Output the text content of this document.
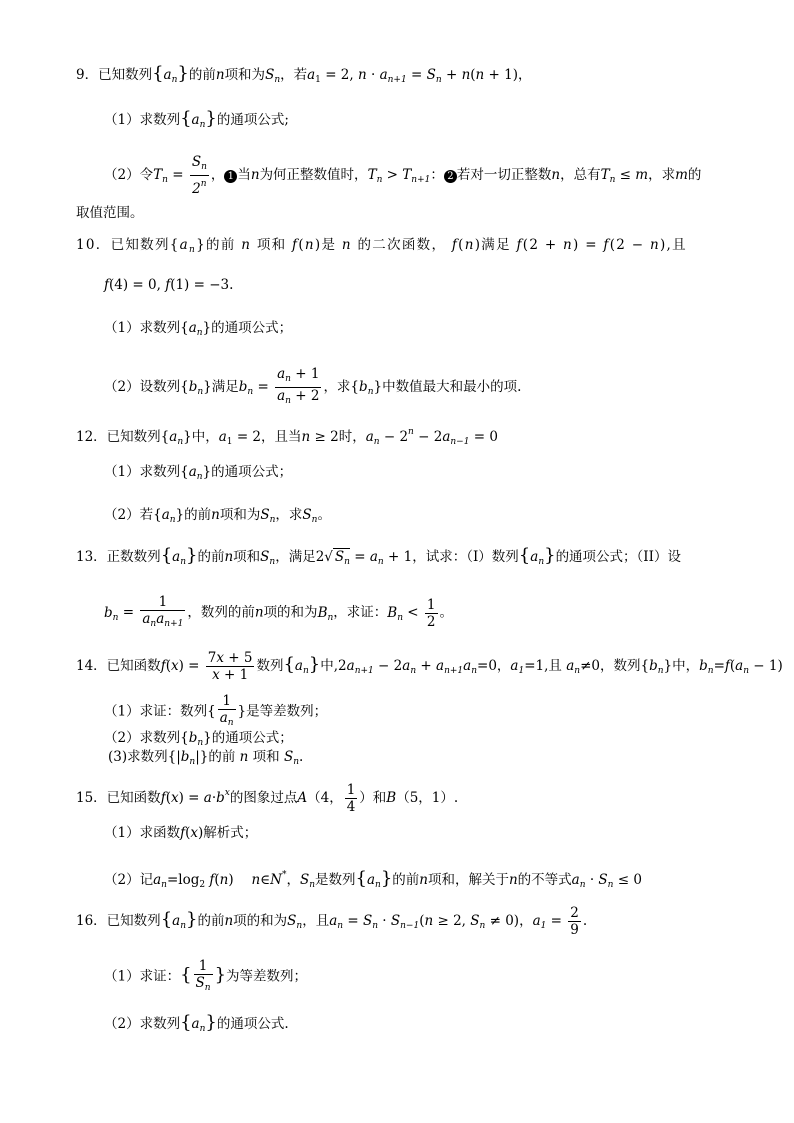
9．已知数列$\{a_n\}$的前n项和为$S_n$，若$a_1 = 2$, $n \cdot a_{n+1} = S_n + n(n + 1)$，
（1）求数列$\{a_n\}$的通项公式;
（2）令$T_n = \frac{S_n}{2^n}$ ， 1 当n为何正整数值时，$T_n > T_{n+1}$： 2 若对一切正整数n，总有$T_n \le m$，求m的
取值范围。
10．已知数列$\{a_n\}$的前 n 项和 f(n)是 n 的二次函数， f(n)满足 f(2 + n) = f(2 − n),且
f(4) = 0, f(1) = −3.
（1）求数列$\{a_n\}$的通项公式；
（2）设数列$\{b_n\}$满足$b_n = \frac{a_n + 1}{a_n + 2}$ ，求$\{b_n\}$中数值最大和最小的项.
12．已知数列$\{a_n\}$中，$a_1 = 2$，且当n ≥ 2时，$a_n - 2^n - 2a_{n-1} = 0$
（1）求数列$\{a_n\}$的通项公式；
（2）若$\{a_n\}$的前n项和为$S_n$，求$S_n$。
13．正数数列$\{a_n\}$的前n项和$S_n$，满足2√ $S_n = a_n + 1$，试求：（I）数列$\{a_n\}$的通项公式；（II）设
$b_n = \frac{1}{a_na_{n+1}}$ ，数列的前n项的和为$B_n$，求证：$B_n < \frac{1}{2}$ 。
14．已知函数$f(x) = \frac{7x + 5}{x + 1}$ 数列$\{a_n\}$中$,2a_{n+1} - 2a_n + a_{n+1}a_n=0$，$a_1=1$,且 $a_n\ne 0$，数列$\{b_n\}$中，$b_n=f(a_n - 1)$
（1）求证：数列{ $\frac{1}{a_n}$ }是等差数列；
（2）求数列$\{b_n\}$的通项公式；
(3)求数列$\{|b_n|\}$的前 n 项和 $S_n$.
15．已知函数$f(x) = a\cdot b^x$的图象过点A（4， $\frac{1}{4}$ ）和B（5，1）.
（1）求函数f(x)解析式；
（2）记$a_n=\log_2$ f(n)　 n∈N*，$S_n$是数列$\{a_n\}$的前n项和，解关于n的不等式$a_n \cdot S_n \le 0$
16．已知数列$\{a_n\}$的前n项的和为$S_n$，且$a_n = S_n \cdot S_{n-1}(n \ge 2$, $S_n \ne 0$)，$a_1 = \frac{2}{9}$ .
（1）求证：{ $\frac{1}{S_n}$ }为等差数列；
（2）求数列$\{a_n\}$的通项公式.
